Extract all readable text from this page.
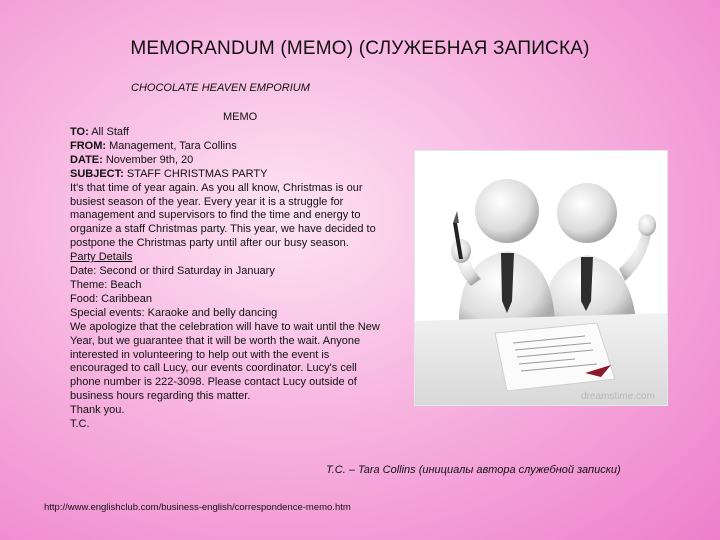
MEMORANDUM (MEMO) (СЛУЖЕБНАЯ ЗАПИСКА)
CHOCOLATE HEAVEN EMPORIUM
MEMO
TO: All Staff
FROM: Management, Tara Collins
DATE: November 9th, 20
SUBJECT: STAFF CHRISTMAS PARTY
It's that time of year again. As you all know, Christmas is our
busiest season of the year. Every year it is a struggle for
management and supervisors to find the time and energy to
organize a staff Christmas party. This year, we have decided to
postpone the Christmas party until after our busy season.
Party Details
Date: Second or third Saturday in January
Theme: Beach
Food: Caribbean
Special events: Karaoke and belly dancing
We apologize that the celebration will have to wait until the New
Year, but we guarantee that it will be worth the wait. Anyone
interested in volunteering to help out with the event is
encouraged to call Lucy, our events coordinator. Lucy's cell
phone number is 222-3098. Please contact Lucy outside of
business hours regarding this matter.
Thank you.
T.C.
dreamstime.com
T.C. – Tara Collins (инициалы автора служебной записки)
http://www.englishclub.com/business-english/correspondence-memo.htm
